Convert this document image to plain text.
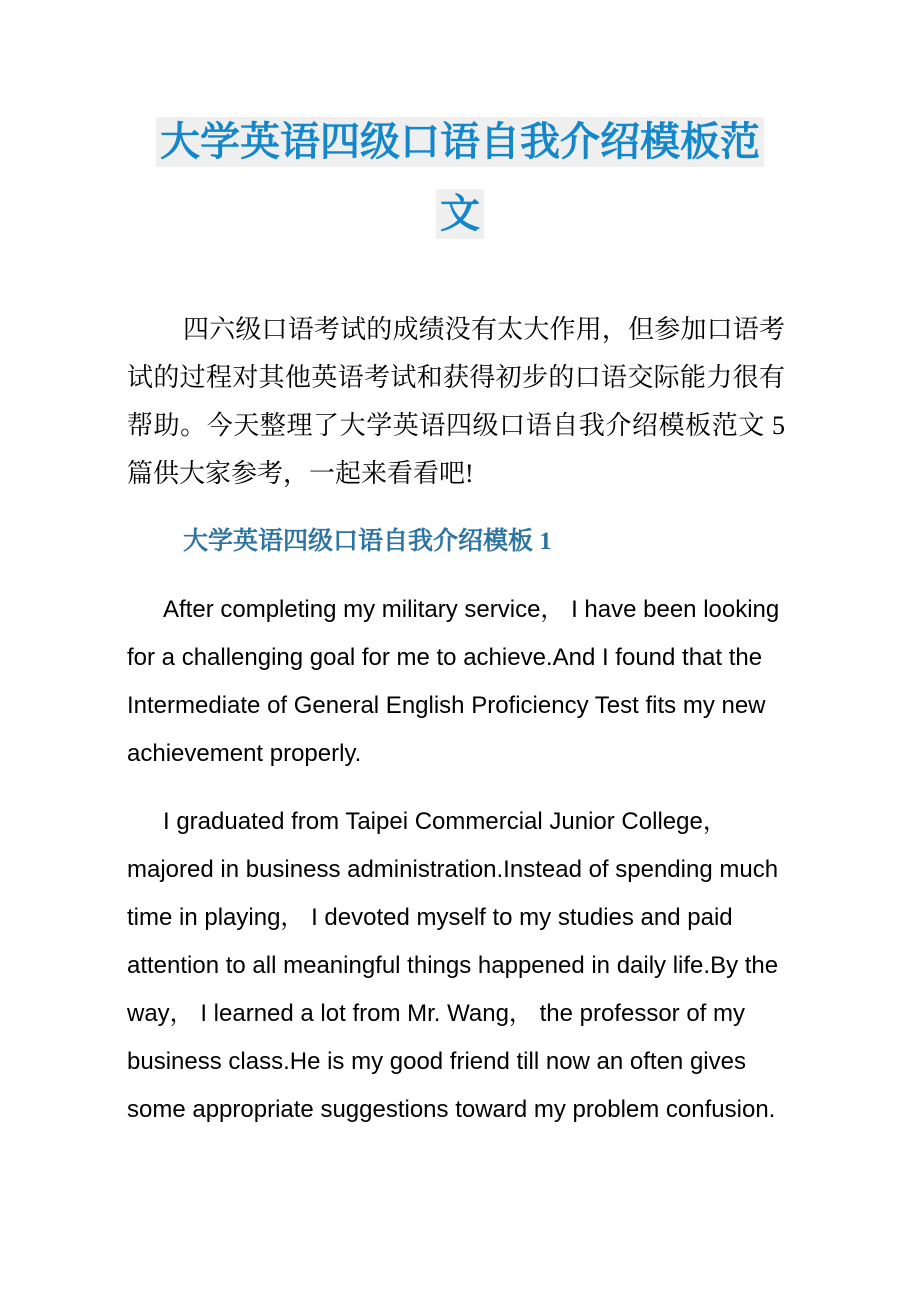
大学英语四级口语自我介绍模板范文

四六级口语考试的成绩没有太大作用，但参加口语考试的过程对其他英语考试和获得初步的口语交际能力很有帮助。今天整理了大学英语四级口语自我介绍模板范文 5 篇供大家参考，一起来看看吧!

大学英语四级口语自我介绍模板 1

After completing my military service， I have been looking for a challenging goal for me to achieve.And I found that the Intermediate of General English Proficiency Test fits my new achievement properly.

I graduated from Taipei Commercial Junior College， majored in business administration.Instead of spending much time in playing， I devoted myself to my studies and paid attention to all meaningful things happened in daily life.By the way， I learned a lot from Mr. Wang， the professor of my business class.He is my good friend till now an often gives some appropriate suggestions toward my problem confusion.
